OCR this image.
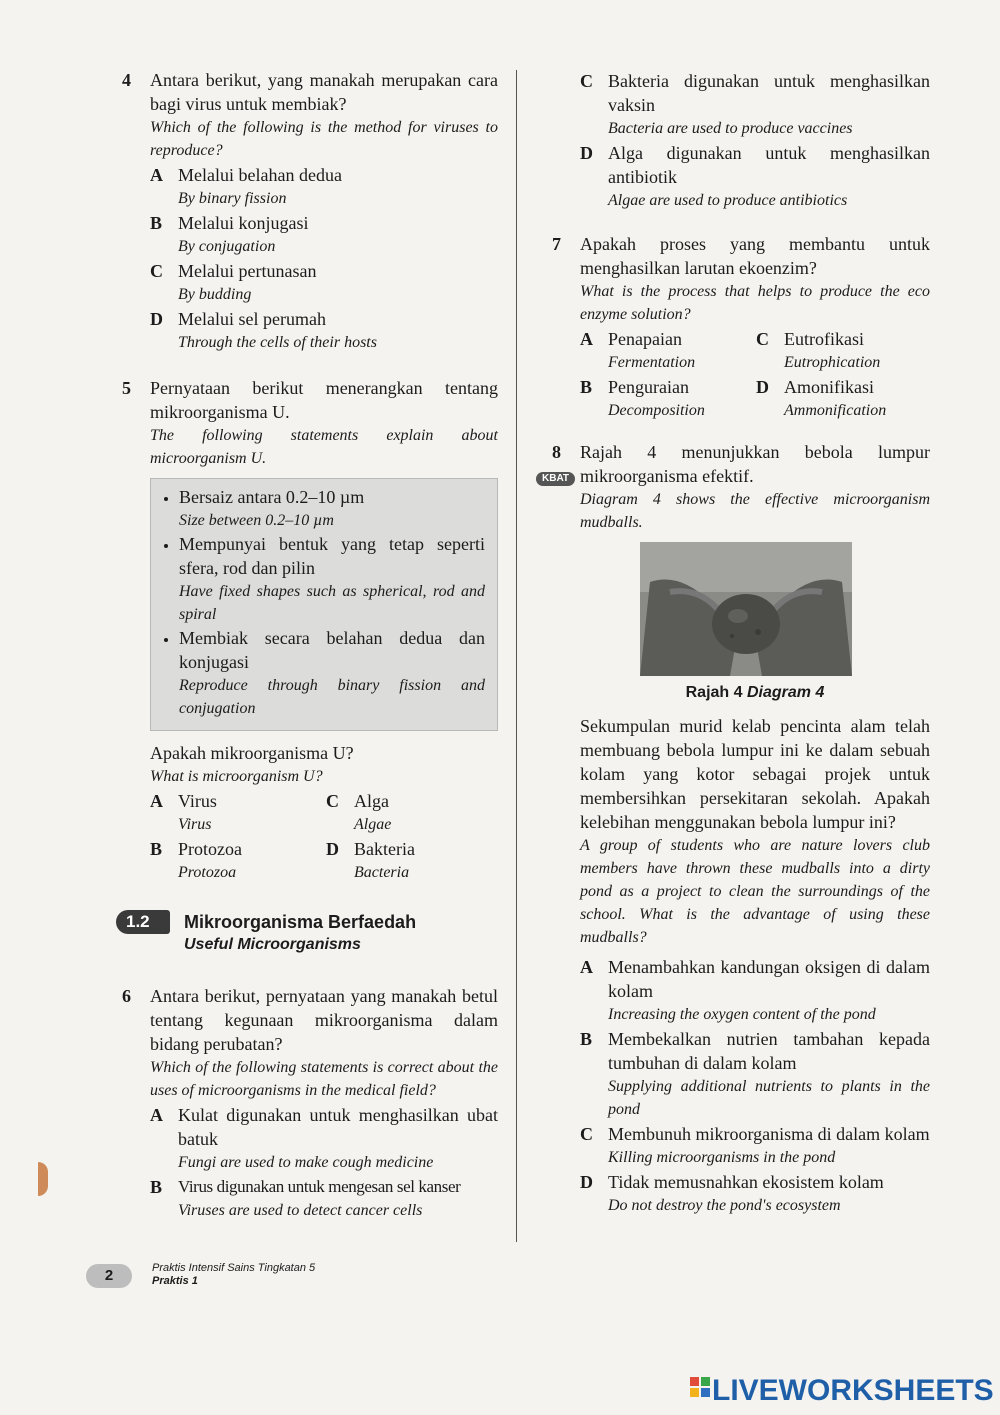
4 Antara berikut, yang manakah merupakan cara bagi virus untuk membiak?
Which of the following is the method for viruses to reproduce?
A Melalui belahan dedua
By binary fission
B Melalui konjugasi
By conjugation
C Melalui pertunasan
By budding
D Melalui sel perumah
Through the cells of their hosts
5 Pernyataan berikut menerangkan tentang mikroorganisma U.
The following statements explain about microorganism U.
• Bersaiz antara 0.2–10 µm
Size between 0.2–10 µm
• Mempunyai bentuk yang tetap seperti sfera, rod dan pilin
Have fixed shapes such as spherical, rod and spiral
• Membiak secara belahan dedua dan konjugasi
Reproduce through binary fission and conjugation
Apakah mikroorganisma U?
What is microorganism U?
A Virus
Virus
C Alga
Algae
B Protozoa
Protozoa
D Bakteria
Bacteria
1.2	Mikroorganisma Berfaedah
Useful Microorganisms
6 Antara berikut, pernyataan yang manakah betul tentang kegunaan mikroorganisma dalam bidang perubatan?
Which of the following statements is correct about the uses of microorganisms in the medical field?
A Kulat digunakan untuk menghasilkan ubat batuk
Fungi are used to make cough medicine
B Virus digunakan untuk mengesan sel kanser
Viruses are used to detect cancer cells
C Bakteria digunakan untuk menghasilkan vaksin
Bacteria are used to produce vaccines
D Alga digunakan untuk menghasilkan antibiotik
Algae are used to produce antibiotics
7 Apakah proses yang membantu untuk menghasilkan larutan ekoenzim?
What is the process that helps to produce the eco enzyme solution?
A Penapaian
Fermentation
C Eutrofikasi
Eutrophication
B Penguraian
Decomposition
D Amonifikasi
Ammonification
8
KBAT
Rajah 4 menunjukkan bebola lumpur mikroorganisma efektif.
Diagram 4 shows the effective microorganism mudballs.
Rajah 4 Diagram 4
Sekumpulan murid kelab pencinta alam telah membuang bebola lumpur ini ke dalam sebuah kolam yang kotor sebagai projek untuk membersihkan persekitaran sekolah. Apakah kelebihan menggunakan bebola lumpur ini?
A group of students who are nature lovers club members have thrown these mudballs into a dirty pond as a project to clean the surroundings of the school. What is the advantage of using these mudballs?
A Menambahkan kandungan oksigen di dalam kolam
Increasing the oxygen content of the pond
B Membekalkan nutrien tambahan kepada tumbuhan di dalam kolam
Supplying additional nutrients to plants in the pond
C Membunuh mikroorganisma di dalam kolam
Killing microorganisms in the pond
D Tidak memusnahkan ekosistem kolam
Do not destroy the pond's ecosystem
2	Praktis Intensif Sains Tingkatan 5
Praktis 1
LIVEWORKSHEETS
